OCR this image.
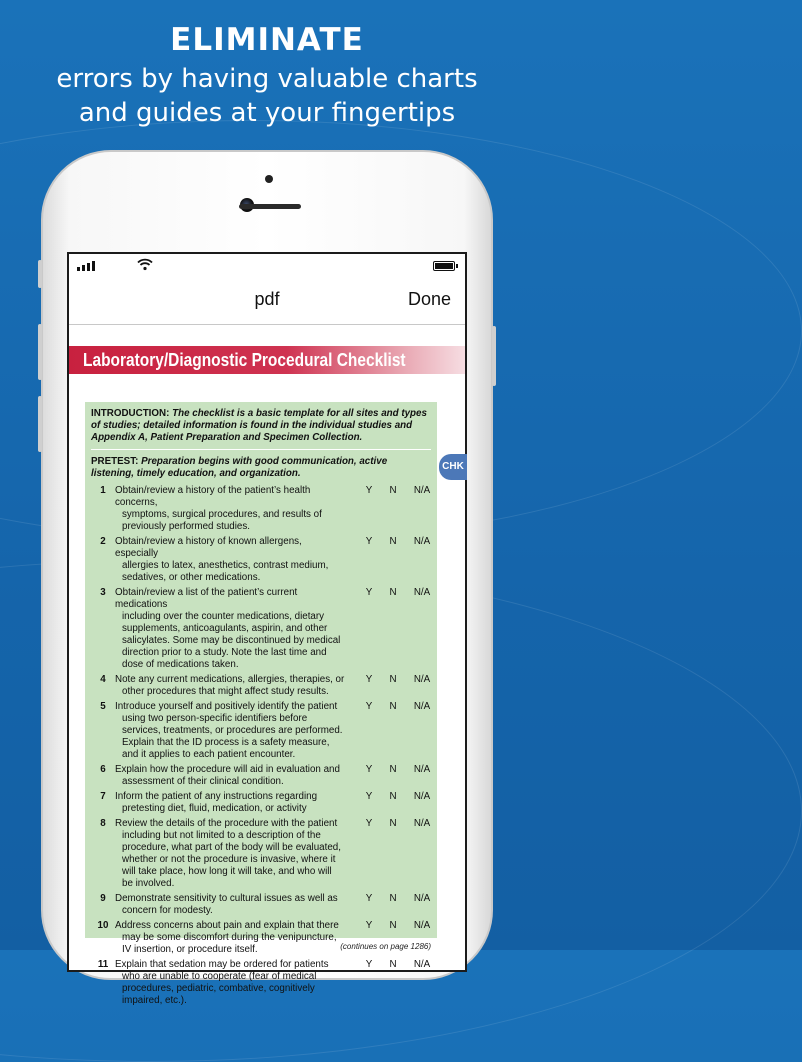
ELIMINATE
errors by having valuable charts
and guides at your fingertips
pdf	Done
Laboratory/Diagnostic Procedural Checklist
CHK

INTRODUCTION: The checklist is a basic template for all sites and types of studies; detailed information is found in the individual studies and Appendix A, Patient Preparation and Specimen Collection.

PRETEST: Preparation begins with good communication, active listening, timely education, and organization.

1 Obtain/review a history of the patient’s health concerns,
symptoms, surgical procedures, and results of previously performed studies.
Y	N	N/A
2 Obtain/review a history of known allergens, especially
allergies to latex, anesthetics, contrast medium, sedatives, or other medications.
Y	N	N/A
3 Obtain/review a list of the patient’s current medications
including over the counter medications, dietary supplements, anticoagulants, aspirin, and other salicylates. Some may be discontinued by medical direction prior to a study. Note the last time and dose of medications taken.
Y	N	N/A
4 Note any current medications, allergies, therapies, or
other procedures that might affect study results.
Y	N	N/A
5 Introduce yourself and positively identify the patient
using two person-specific identifiers before services, treatments, or procedures are performed. Explain that the ID process is a safety measure, and it applies to each patient encounter.
Y	N	N/A
6 Explain how the procedure will aid in evaluation and
assessment of their clinical condition.
Y	N	N/A
7 Inform the patient of any instructions regarding
pretesting diet, fluid, medication, or activity
Y	N	N/A
8 Review the details of the procedure with the patient
including but not limited to a description of the procedure, what part of the body will be evaluated, whether or not the procedure is invasive, where it will take place, how long it will take, and who will be involved.
Y	N	N/A
9 Demonstrate sensitivity to cultural issues as well as
concern for modesty.
Y	N	N/A
10 Address concerns about pain and explain that there
may be some discomfort during the venipuncture, IV insertion, or procedure itself.
Y	N	N/A
11 Explain that sedation may be ordered for patients
who are unable to cooperate (fear of medical procedures, pediatric, combative, cognitively impaired, etc.).
Y	N	N/A
(continues on page 1286)
